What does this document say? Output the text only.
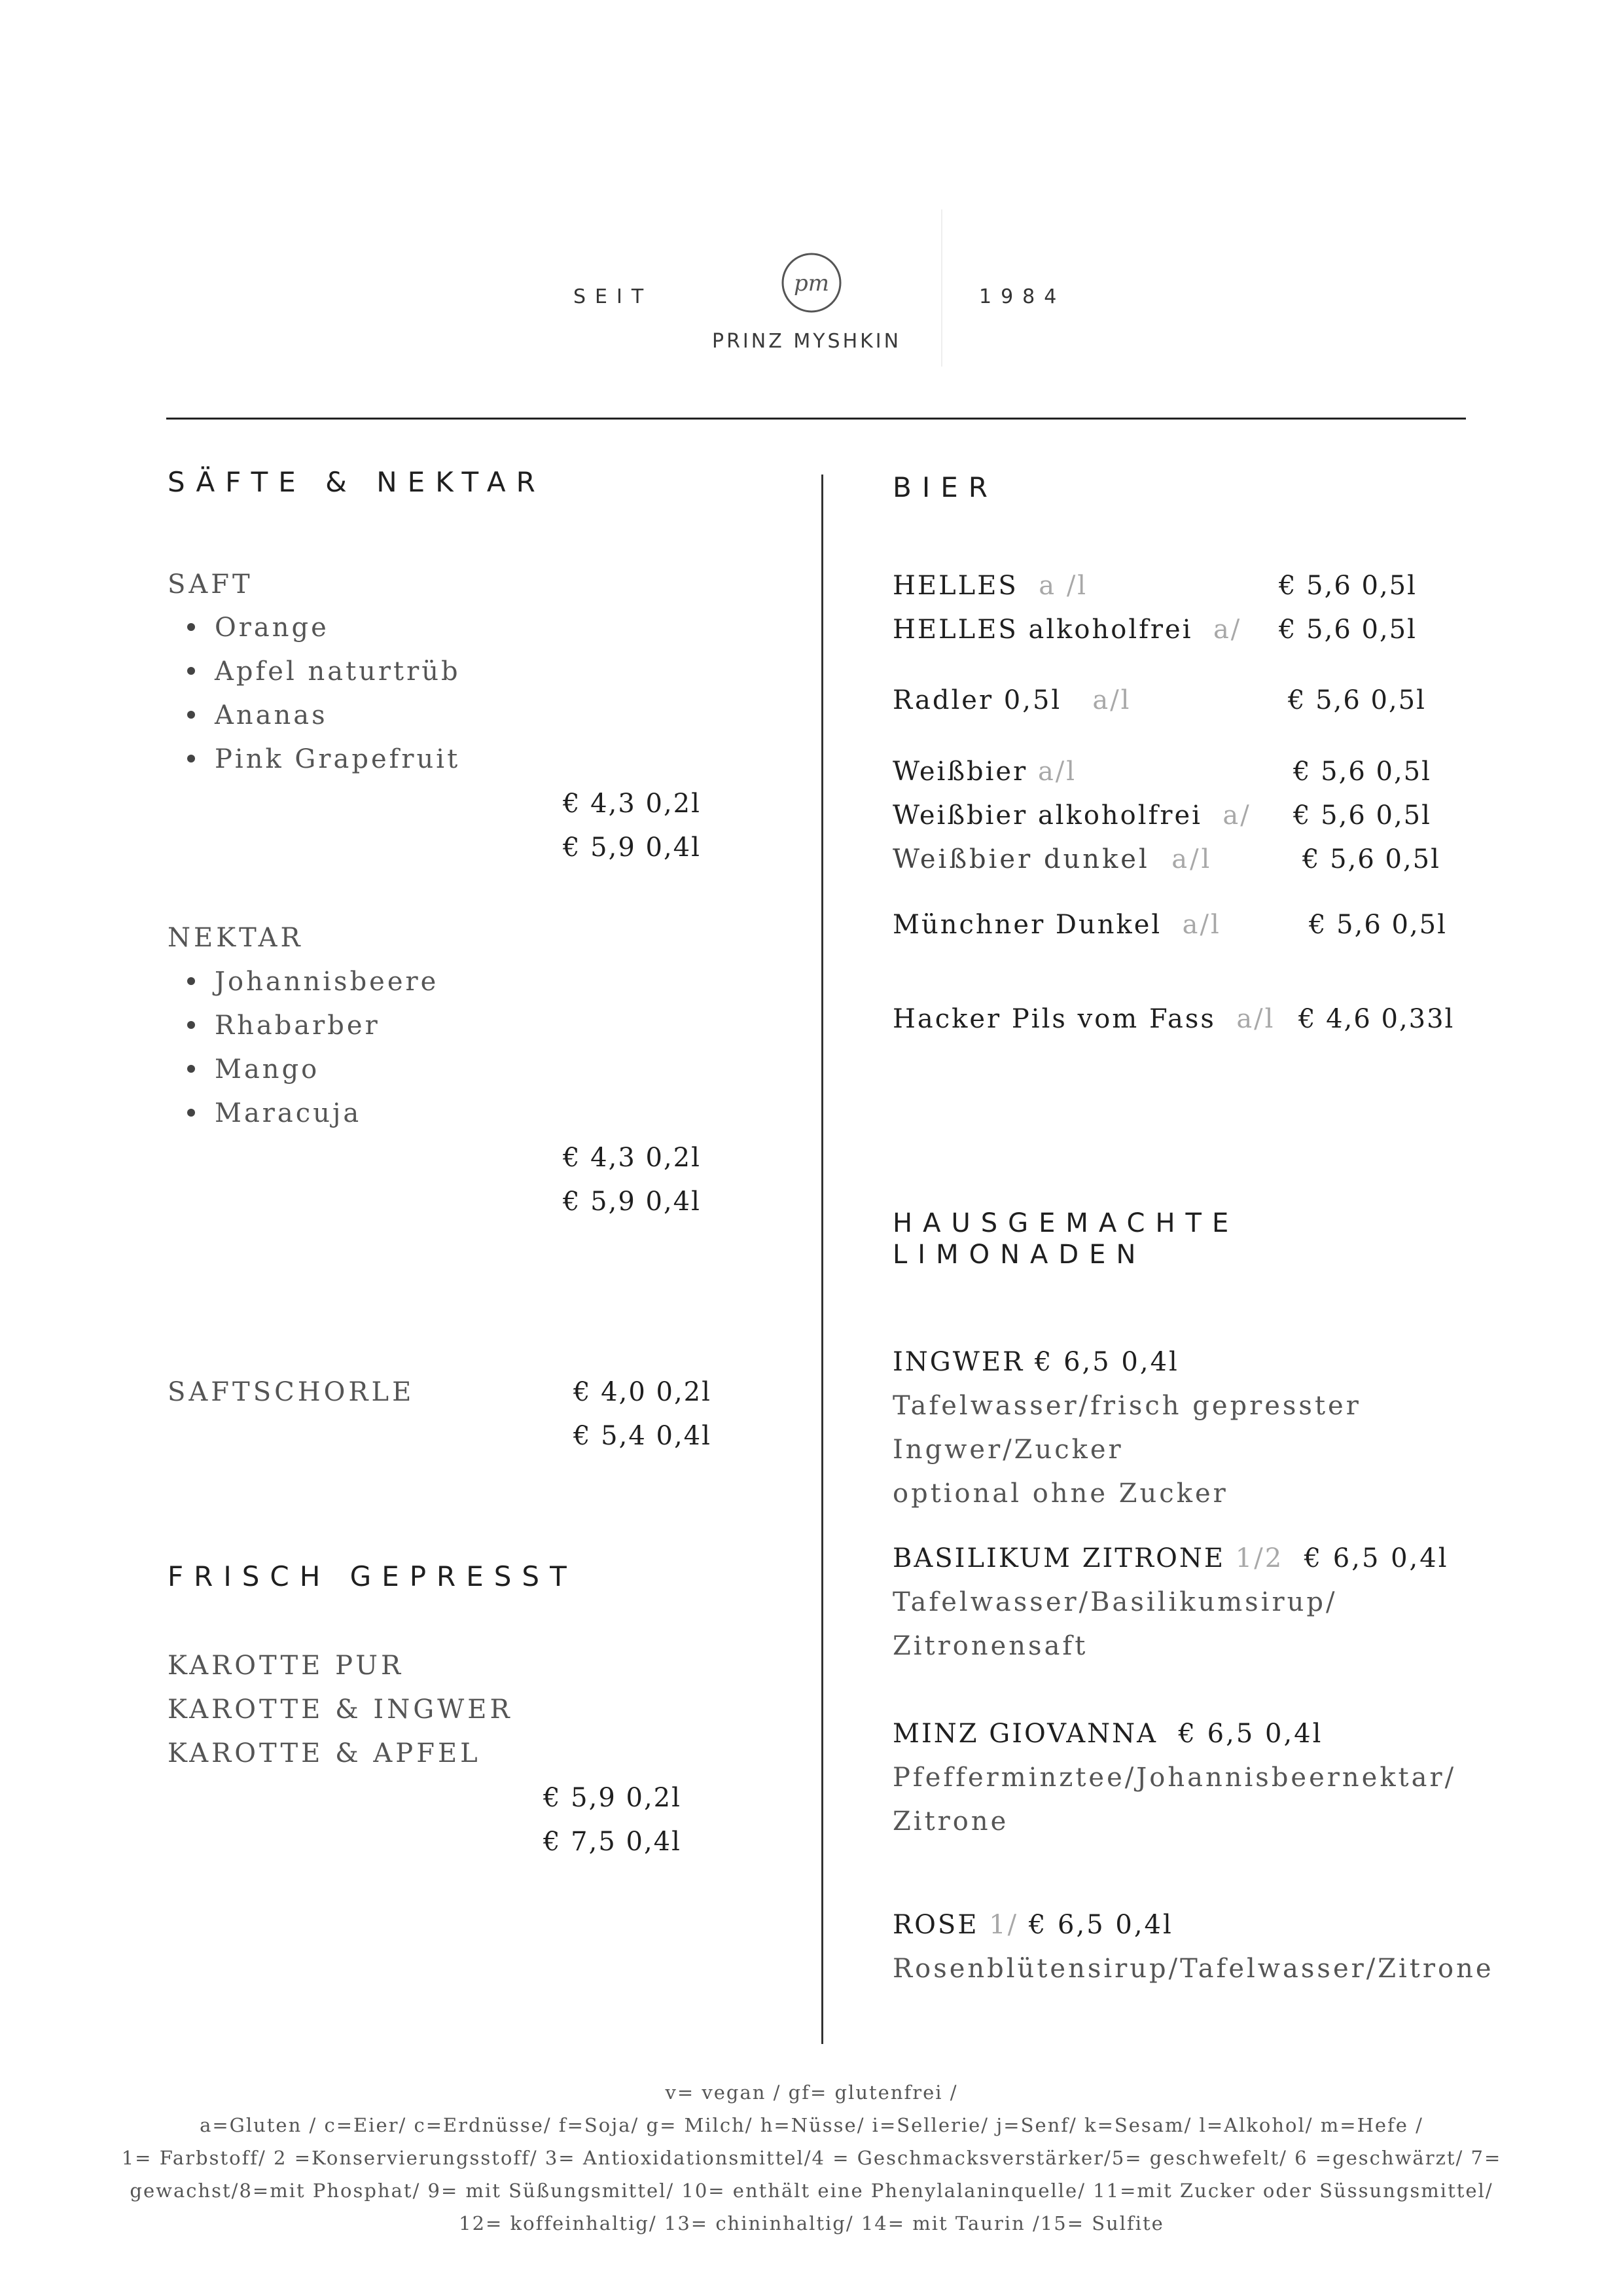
SEIT
pm
PRINZ MYSHKIN
1984
SÄFTE & NEKTAR
SAFT
Orange
Apfel naturtrüb
Ananas
Pink Grapefruit
€ 4,3 0,2l
€ 5,9 0,4l
NEKTAR
Johannisbeere
Rhabarber
Mango
Maracuja
€ 4,3 0,2l
€ 5,9 0,4l
SAFTSCHORLE	€ 4,0 0,2l
€ 5,4 0,4l
FRISCH GEPRESST
KAROTTE PUR
KAROTTE & INGWER
KAROTTE & APFEL
€ 5,9 0,2l
€ 7,5 0,4l
BIER
HELLES a /l	€ 5,6 0,5l
HELLES alkoholfrei a/ € 5,6 0,5l
Radler 0,5l a/l	€ 5,6 0,5l
Weißbier a/l	€ 5,6 0,5l
Weißbier alkoholfrei a/ € 5,6 0,5l
Weißbier dunkel a/l	€ 5,6 0,5l
Münchner Dunkel a/l	€ 5,6 0,5l
Hacker Pils vom Fass a/l € 4,6 0,33l
HAUSGEMACHTE
LIMONADEN
INGWER € 6,5 0,4l
Tafelwasser/frisch gepresster
Ingwer/Zucker
optional ohne Zucker
BASILIKUM ZITRONE 1/2 € 6,5 0,4l
Tafelwasser/Basilikumsirup/
Zitronensaft
MINZ GIOVANNA € 6,5 0,4l
Pfefferminztee/Johannisbeernektar/
Zitrone
ROSE 1/ € 6,5 0,4l
Rosenblütensirup/Tafelwasser/Zitrone
v= vegan / gf= glutenfrei /
a=Gluten / c=Eier/ c=Erdnüsse/ f=Soja/ g= Milch/ h=Nüsse/ i=Sellerie/ j=Senf/ k=Sesam/ l=Alkohol/ m=Hefe /
1= Farbstoff/ 2 =Konservierungsstoff/ 3= Antioxidationsmittel/4 = Geschmacksverstärker/5= geschwefelt/ 6 =geschwärzt/ 7=
gewachst/8=mit Phosphat/ 9= mit Süßungsmittel/ 10= enthält eine Phenylalaninquelle/ 11=mit Zucker oder Süssungsmittel/
12= koffeinhaltig/ 13= chininhaltig/ 14= mit Taurin /15= Sulfite
